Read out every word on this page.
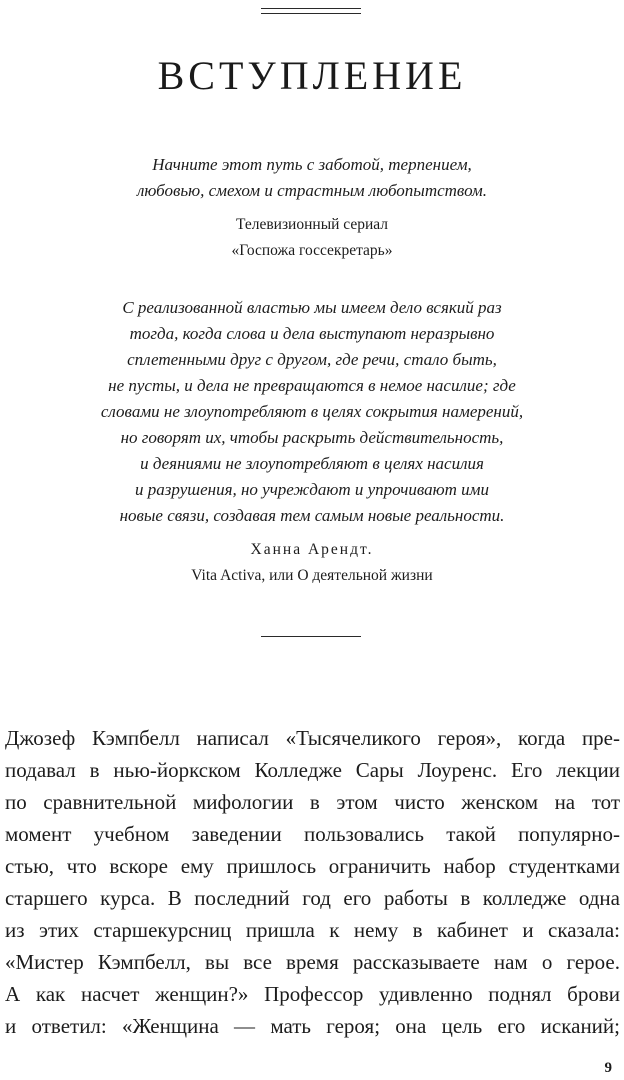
ВСТУПЛЕНИЕ

Начните этот путь с заботой, терпением,
любовью, смехом и страстным любопытством.

Телевизионный сериал
«Госпожа госсекретарь»

С реализованной властью мы имеем дело всякий раз
тогда, когда слова и дела выступают неразрывно
сплетенными друг с другом, где речи, стало быть,
не пусты, и дела не превращаются в немое насилие; где
словами не злоупотребляют в целях сокрытия намерений,
но говорят их, чтобы раскрыть действительность,
и деяниями не злоупотребляют в целях насилия
и разрушения, но учреждают и упрочивают ими
новые связи, создавая тем самым новые реальности.

Ханна Арендт.
Vita Activa, или О деятельной жизни

Джозеф Кэмпбелл написал «Тысячеликого героя», когда пре-
подавал в нью-йоркском Колледже Сары Лоуренс. Его лекции
по сравнительной мифологии в этом чисто женском на тот
момент учебном заведении пользовались такой популярно-
стью, что вскоре ему пришлось ограничить набор студентками
старшего курса. В последний год его работы в колледже одна
из этих старшекурсниц пришла к нему в кабинет и сказала:
«Мистер Кэмпбелл, вы все время рассказываете нам о герое.
А как насчет женщин?» Профессор удивленно поднял брови
и ответил: «Женщина — мать героя; она цель его исканий;

9
